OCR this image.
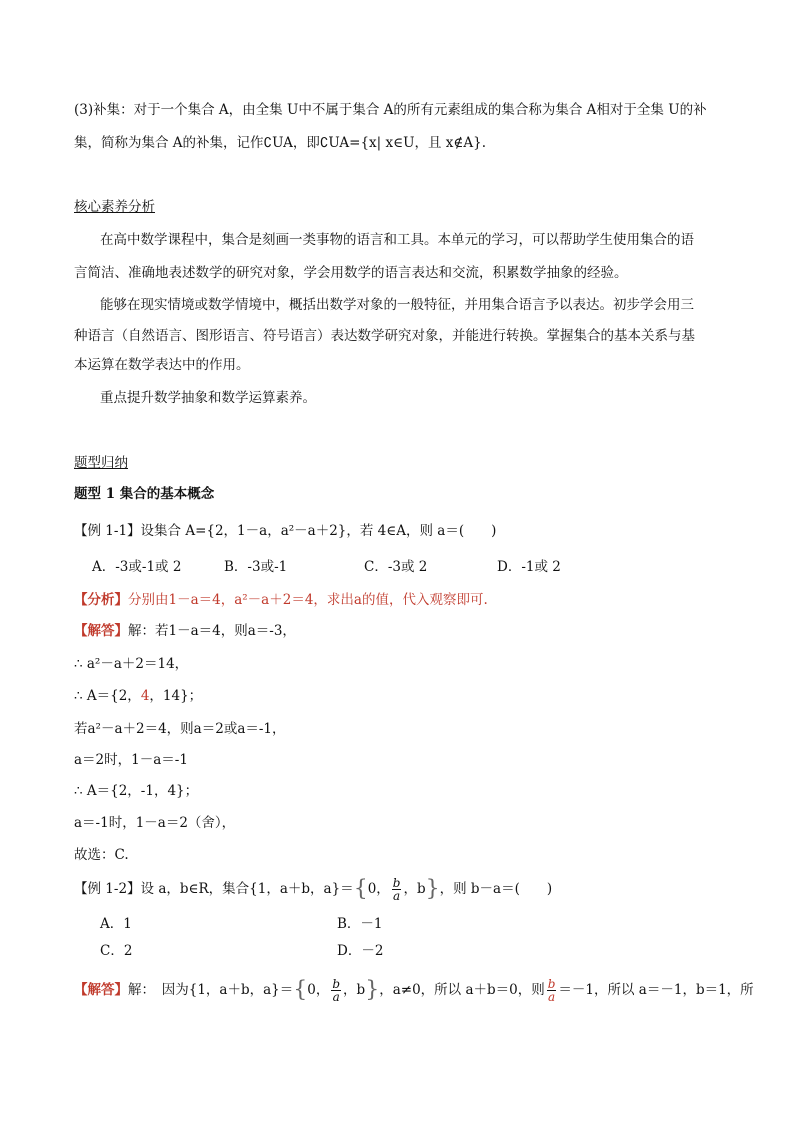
(3)补集：对于一个集合 A，由全集 U中不属于集合 A的所有元素组成的集合称为集合 A相对于全集 U的补
集，简称为集合 A的补集，记作∁UA，即∁UA={x| x∈U，且 x∉A}.
核心素养分析
在高中数学课程中，集合是刻画一类事物的语言和工具。本单元的学习，可以帮助学生使用集合的语
言简洁、准确地表述数学的研究对象，学会用数学的语言表达和交流，积累数学抽象的经验。
能够在现实情境或数学情境中，概括出数学对象的一般特征，并用集合语言予以表达。初步学会用三
种语言（自然语言、图形语言、符号语言）表达数学研究对象，并能进行转换。掌握集合的基本关系与基
本运算在数学表达中的作用。
重点提升数学抽象和数学运算素养。
题型归纳
题型 1 集合的基本概念
【例 1-1】设集合 A={2，1－a，a²－a＋2}，若 4∈A，则 a＝(　　)
A．-3或-1或 2	B．-3或-1	C．-3或 2	D．-1或 2
【分析】分别由1－a＝4，a²－a＋2＝4，求出a的值，代入观察即可.
【解答】解：若1－a＝4，则a＝-3，
∴ a²－a＋2＝14，
∴ A＝{2，4，14}；
若a²－a＋2＝4，则a＝2或a＝-1，
a＝2时，1－a＝-1
∴ A＝{2，-1，4}；
a＝-1时，1－a＝2（舍），
故选：C.
【例 1-2】设 a，b∈R，集合{1，a＋b，a}＝{0， $\frac{b}{a}$ ，b}，则 b－a＝(　　)
A．1	B．－1
C．2	D．－2
【解答】解：　因为{1，a＋b，a}＝{0， $\frac{b}{a}$ ，b}，a≠0，所以 a＋b＝0，则 $\frac{b}{a} =-1$，所以 a＝－1，b＝1，所
